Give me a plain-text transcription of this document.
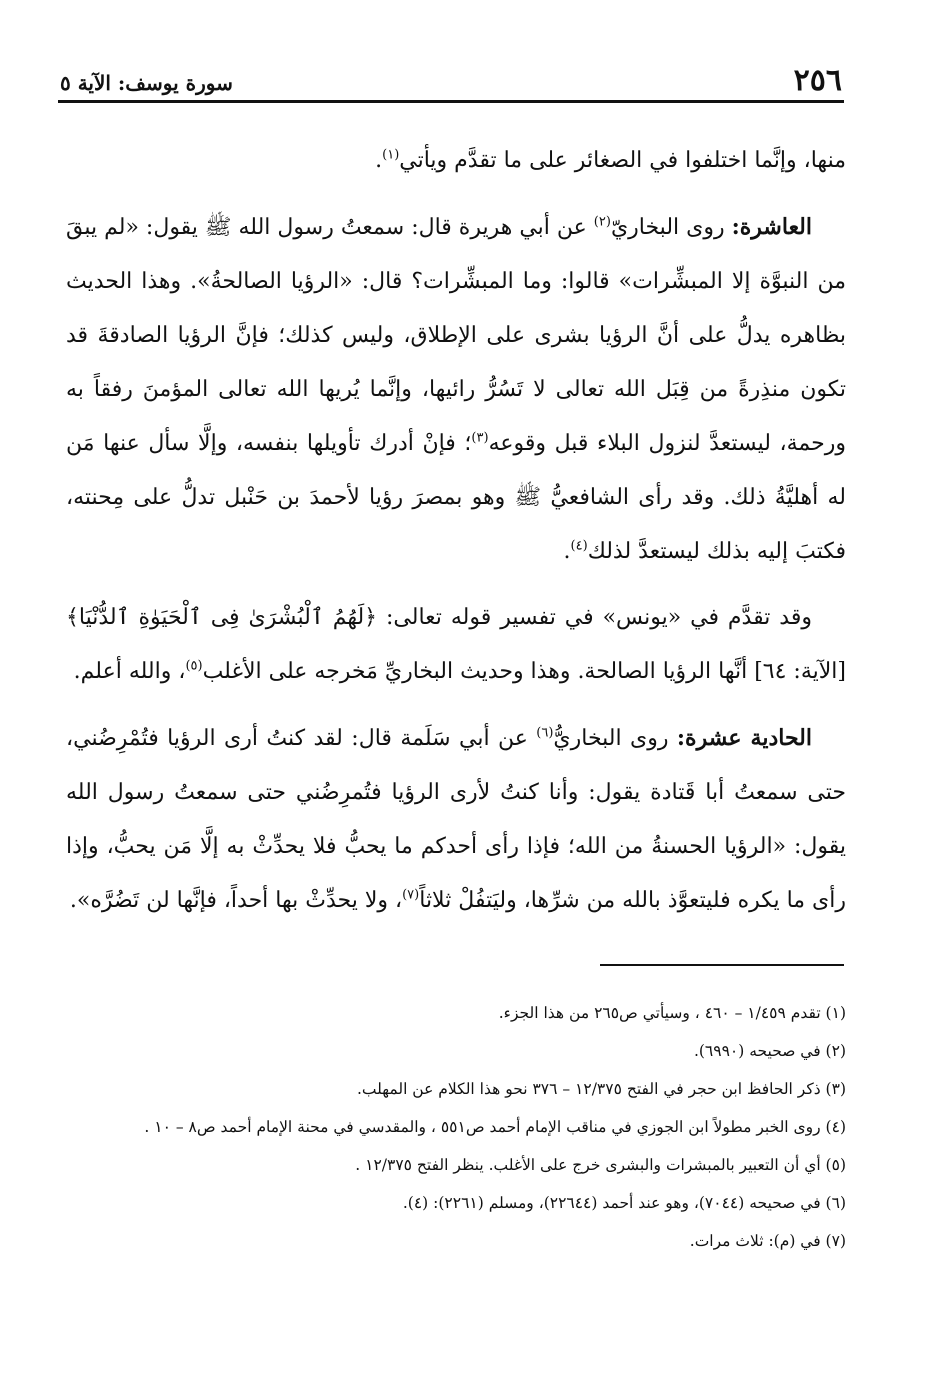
٢٥٦
سورة يوسف: الآية ٥

منها، وإنَّما اختلفوا في الصغائر على ما تقدَّم ويأتي$^{(١)}$.

العاشرة: روى البخاريّ$^{(٢)}$ عن أبي هريرة قال: سمعتُ رسول الله ﷺ يقول: «لم يبقَ من النبوَّة إلا المبشِّرات» قالوا: وما المبشِّرات؟ قال: «الرؤيا الصالحةُ». وهذا الحديث بظاهره يدلُّ على أنَّ الرؤيا بشرى على الإطلاق، وليس كذلك؛ فإنَّ الرؤيا الصادقةَ قد تكون منذِرةً من قِبَل الله تعالى لا تَسُرُّ رائيها، وإنَّما يُريها الله تعالى المؤمنَ رفقاً به ورحمة، ليستعدَّ لنزول البلاء قبل وقوعه$^{(٣)}$؛ فإنْ أدرك تأويلها بنفسه، وإلَّا سأل عنها مَن له أهليَّةُ ذلك. وقد رأى الشافعيُّ ﷺ وهو بمصرَ رؤيا لأحمدَ بن حَنْبل تدلُّ على مِحنته، فكتبَ إليه بذلك ليستعدَّ لذلك$^{(٤)}$.

وقد تقدَّم في «يونس» في تفسير قوله تعالى: ﴿لَهُمُ ٱلْبُشْرَىٰ فِى ٱلْحَيَوٰةِ ٱلدُّنْيَا﴾ [الآية: ٦٤] أنَّها الرؤيا الصالحة. وهذا وحديث البخاريِّ مَخرجه على الأغلب$^{(٥)}$، والله أعلم.

الحادية عشرة: روى البخاريُّ$^{(٦)}$ عن أبي سَلَمة قال: لقد كنتُ أرى الرؤيا فتُمْرِضُني، حتى سمعتُ أبا قَتادة يقول: وأنا كنتُ لأرى الرؤيا فتُمرِضُني حتى سمعتُ رسول الله يقول: «الرؤيا الحسنةُ من الله؛ فإذا رأى أحدكم ما يحبُّ فلا يحدِّثْ به إلَّا مَن يحبُّ، وإذا رأى ما يكره فليتعوَّذ بالله من شرِّها، وليَتفُلْ ثلاثاً$^{(٧)}$، ولا يحدِّثْ بها أحداً، فإنَّها لن تَضُرَّه».

(١) تقدم ١/٤٥٩ – ٤٦٠ ، وسيأتي ص٢٦٥ من هذا الجزء.

(٢) في صحيحه (٦٩٩٠).

(٣) ذكر الحافظ ابن حجر في الفتح ١٢/٣٧٥ – ٣٧٦ نحو هذا الكلام عن المهلب.

(٤) روى الخبر مطولاً ابن الجوزي في مناقب الإمام أحمد ص٥٥١ ، والمقدسي في محنة الإمام أحمد ص٨ – ١٠ .

(٥) أي أن التعبير بالمبشرات والبشرى خرج على الأغلب. ينظر الفتح ١٢/٣٧٥ .

(٦) في صحيحه (٧٠٤٤)، وهو عند أحمد (٢٢٦٤٤)، ومسلم (٢٢٦١): (٤).

(٧) في (م): ثلاث مرات.
